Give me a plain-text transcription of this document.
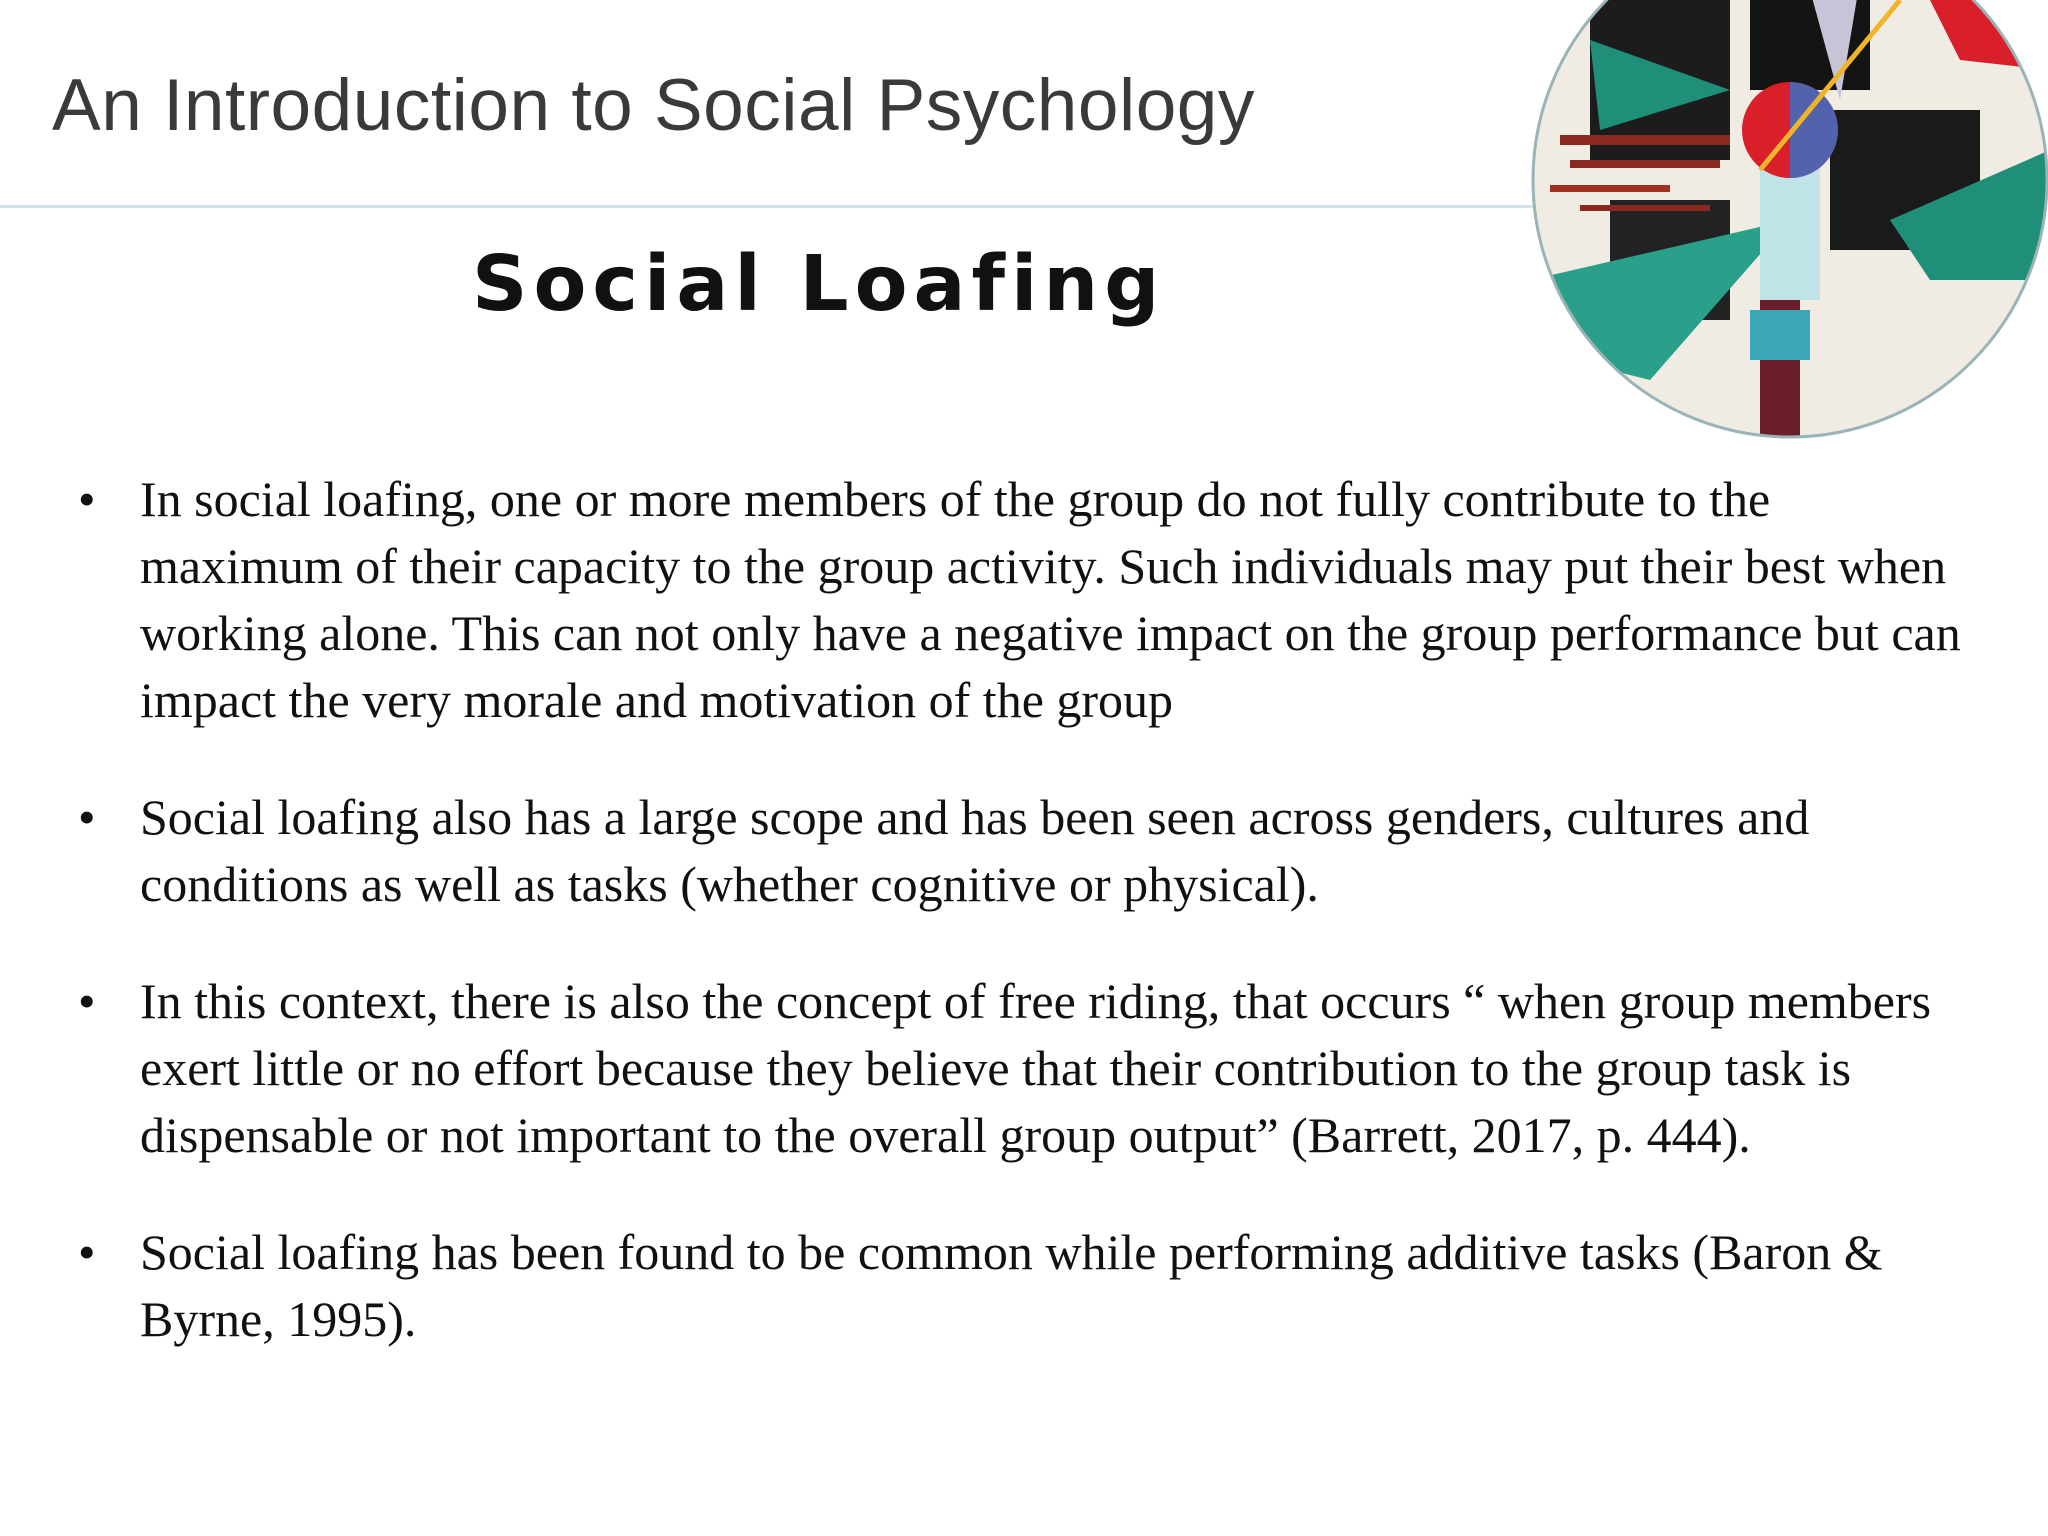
An Introduction to Social Psychology
Social Loafing
• In social loafing, one or more members of the group do not fully contribute to the maximum of their capacity to the group activity. Such individuals may put their best when working alone. This can not only have a negative impact on the group performance but can impact the very morale and motivation of the group
• Social loafing also has a large scope and has been seen across genders, cultures and conditions as well as tasks (whether cognitive or physical).
• In this context, there is also the concept of free riding, that occurs “ when group members exert little or no effort because they believe that their contribution to the group task is dispensable or not important to the overall group output” (Barrett, 2017, p. 444).
• Social loafing has been found to be common while performing additive tasks (Baron & Byrne, 1995).
